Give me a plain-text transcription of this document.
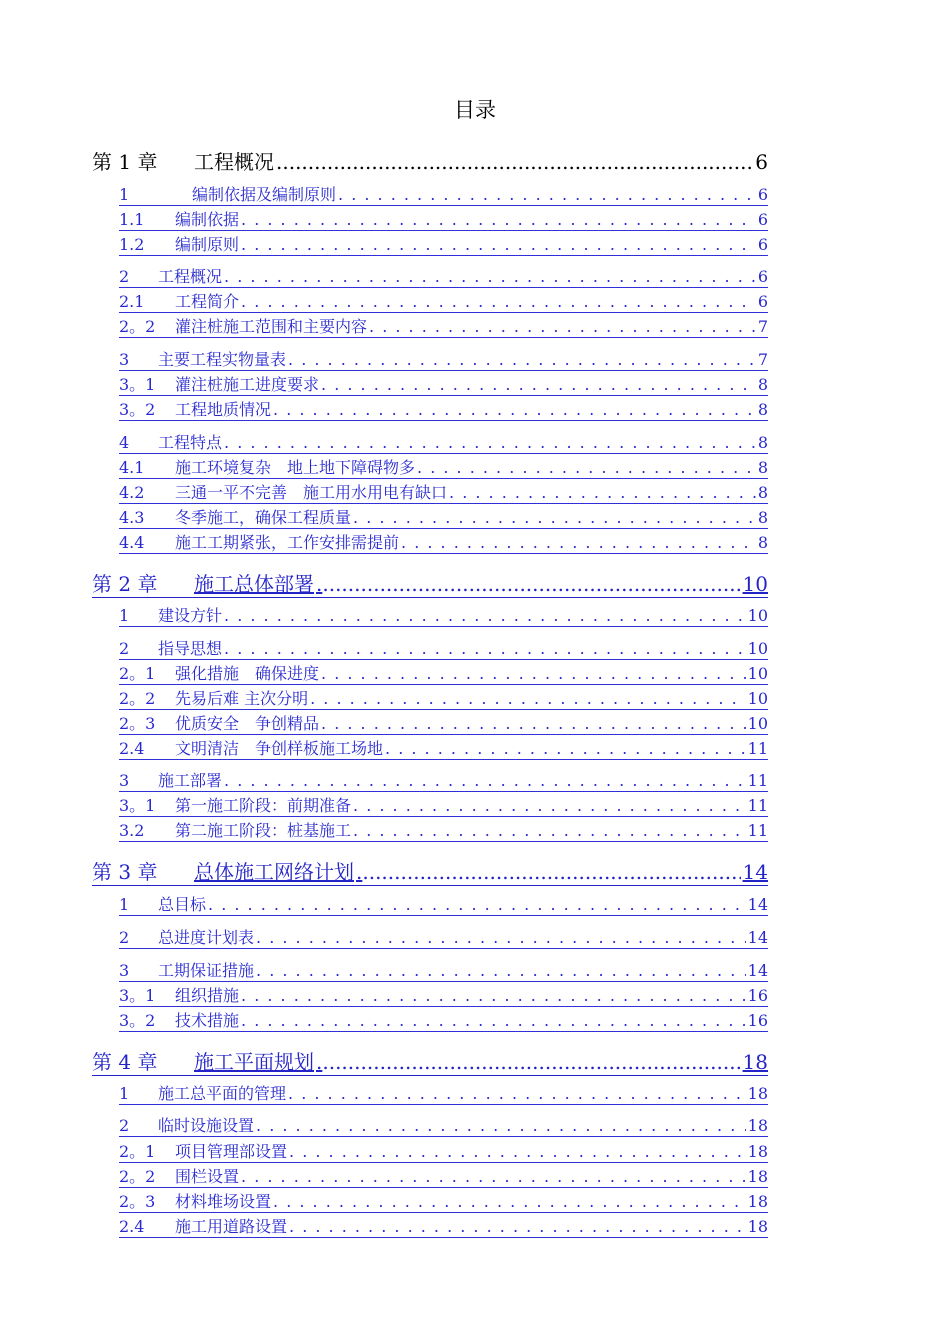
目录
第 1 章	工程概况 .....	6
1	编制依据及编制原则 . . .	6
1.1	编制依据 . . .	6
1.2	编制原则 . . .	6
2	工程概况 . . .	6
2.1	工程简介 . . .	6
2。2	灌注桩施工范围和主要内容 . . .	7
3	主要工程实物量表 . . .	7
3。1	灌注桩施工进度要求 . . .	8
3。2	工程地质情况 . . .	8
4	工程特点 . . .	8
4.1	施工环境复杂　地上地下障碍物多 . . .	8
4.2	三通一平不完善　施工用水用电有缺口 . . .	8
4.3	冬季施工，确保工程质量 . . .	8
4.4	施工工期紧张，工作安排需提前 . . .	8
第 2 章	施工总体部署 .....	10
1	建设方针 . . .	10
2	指导思想 . . .	10
2。1	强化措施　确保进度 . . .	10
2。2	先易后难 主次分明 . . .	10
2。3	优质安全　争创精品 . . .	10
2.4	文明清洁　争创样板施工场地 . . .	11
3	施工部署 . . .	11
3。1	第一施工阶段：前期准备 . . .	11
3.2	第二施工阶段：桩基施工 . . .	11
第 3 章	总体施工网络计划 .....	14
1	总目标 . . .	14
2	总进度计划表 . . .	14
3	工期保证措施 . . .	14
3。1	组织措施 . . .	16
3。2	技术措施 . . .	16
第 4 章	施工平面规划 .....	18
1	施工总平面的管理 . . .	18
2	临时设施设置 . . .	18
2。1	项目管理部设置 . . .	18
2。2	围栏设置 . . .	18
2。3	材料堆场设置 . . .	18
2.4	施工用道路设置 . . .	18
